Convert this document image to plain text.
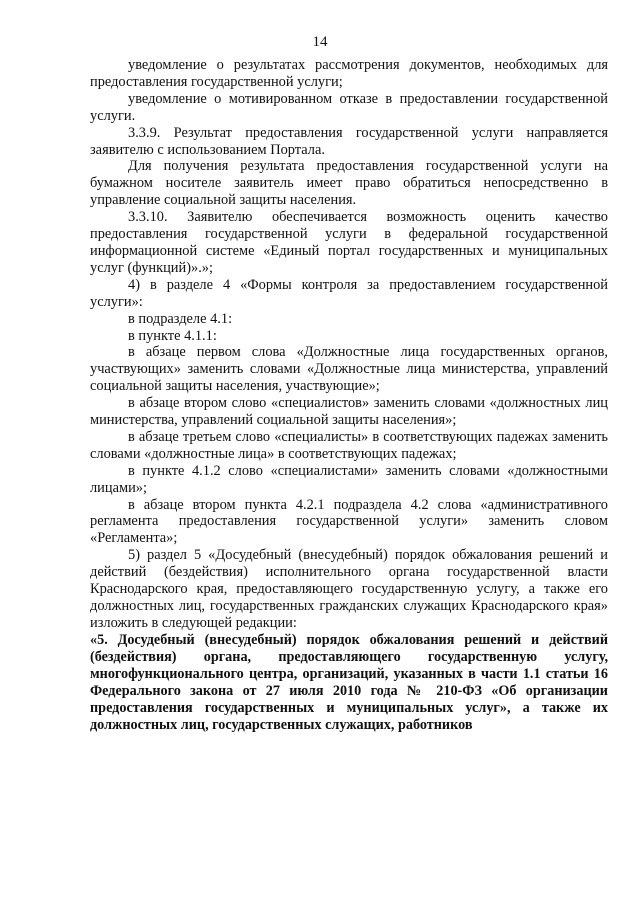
14

уведомление о результатах рассмотрения документов, необходимых для предоставления государственной услуги;

уведомление о мотивированном отказе в предоставлении государственной услуги.

3.3.9. Результат предоставления государственной услуги направляется заявителю с использованием Портала.

Для получения результата предоставления государственной услуги на бумажном носителе заявитель имеет право обратиться непосредственно в управление социальной защиты населения.

3.3.10. Заявителю обеспечивается возможность оценить качество предоставления государственной услуги в федеральной государственной информационной системе «Единый портал государственных и муниципальных услуг (функций)».»;

4) в разделе 4 «Формы контроля за предоставлением государственной услуги»:

в подразделе 4.1:

в пункте 4.1.1:

в абзаце первом слова «Должностные лица государственных органов, участвующих» заменить словами «Должностные лица министерства, управлений социальной защиты населения, участвующие»;

в абзаце втором слово «специалистов» заменить словами «должностных лиц министерства, управлений социальной защиты населения»;

в абзаце третьем слово «специалисты» в соответствующих падежах заменить словами «должностные лица» в соответствующих падежах;

в пункте 4.1.2 слово «специалистами» заменить словами «должностными лицами»;

в абзаце втором пункта 4.2.1 подраздела 4.2 слова «административного регламента предоставления государственной услуги» заменить словом «Регламента»;

5) раздел 5 «Досудебный (внесудебный) порядок обжалования решений и действий (бездействия) исполнительного органа государственной власти Краснодарского края, предоставляющего государственную услугу, а также его должностных лиц, государственных гражданских служащих Краснодарского края» изложить в следующей редакции:

«5. Досудебный (внесудебный) порядок обжалования решений и действий (бездействия) органа, предоставляющего государственную услугу, многофункционального центра, организаций, указанных в части 1.1 статьи 16 Федерального закона от 27 июля 2010 года № 210-ФЗ «Об организации предоставления государственных и муниципальных услуг», а также их должностных лиц, государственных служащих, работников
